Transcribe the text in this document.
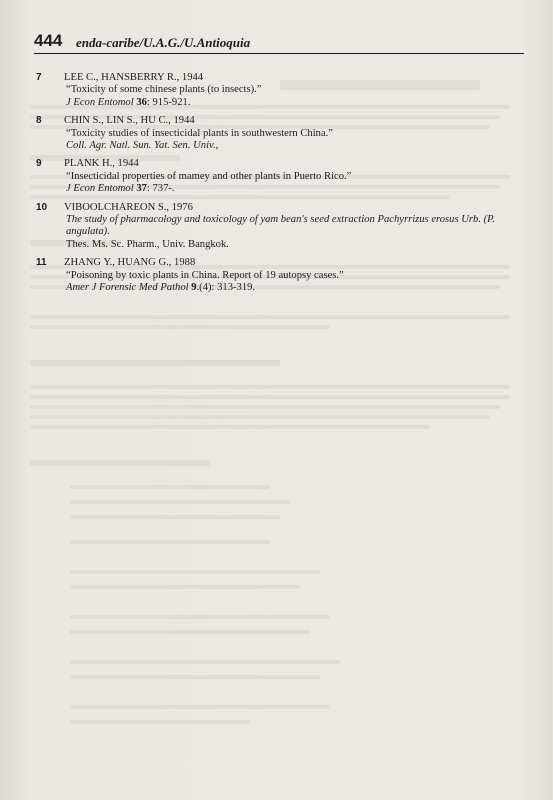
444 enda-caribe/U.A.G./U.Antioquia
7	LEE C., HANSBERRY R., 1944
“Toxicity of some chinese plants (to insects).”
J Econ Entomol 36: 915-921.
8	CHIN S., LIN S., HU C., 1944
“Toxicity studies of insecticidal plants in southwestern China.”
Coll. Agr. Natl. Sun. Yat. Sen. Univ.,
9	PLANK H., 1944
“Insecticidal properties of mamey and other plants in Puerto Rico.”
J Econ Entomol 37: 737-.
10	VIBOOLCHAREON S., 1976
The study of pharmacology and toxicology of yam bean's seed extraction Pachyrrizus erosus Urb. (P.
angulata).
Thes. Ms. Sc. Pharm., Univ. Bangkok.
11	ZHANG Y., HUANG G., 1988
“Poisoning by toxic plants in China. Report of 19 autopsy cases.”
Amer J Forensic Med Pathol 9.(4): 313-319.
